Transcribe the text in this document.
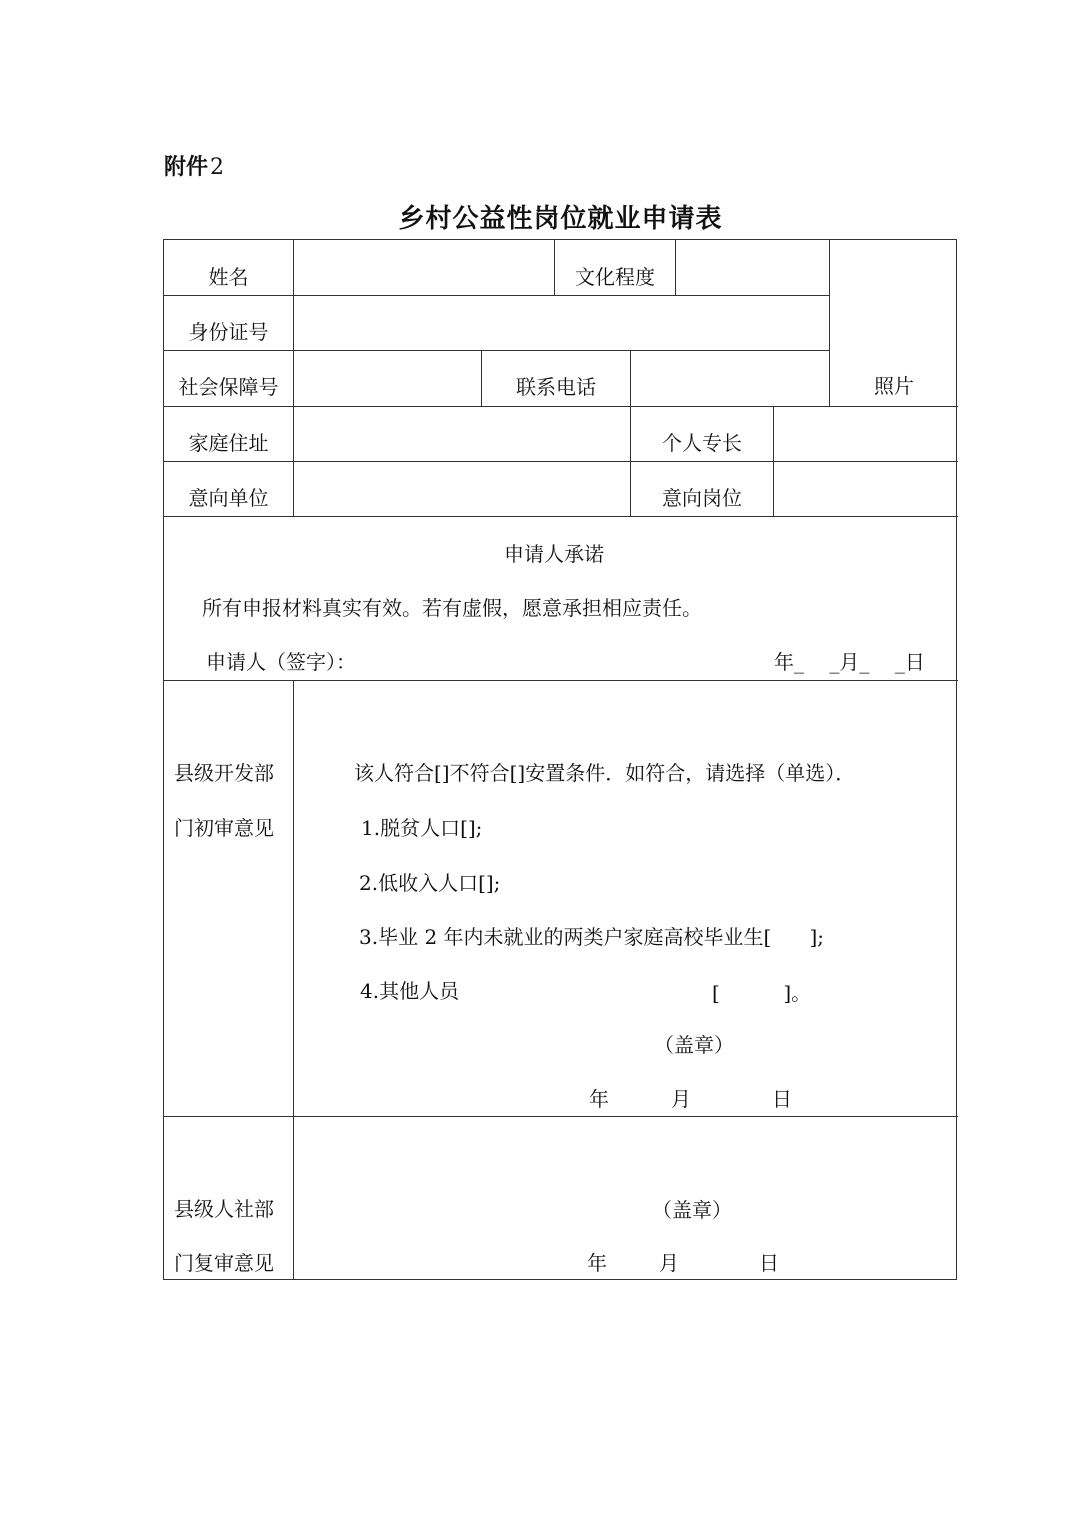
附件2
乡村公益性岗位就业申请表
姓名	文化程度
照片
身份证号
社会保障号	联系电话
家庭住址	个人专长
意向单位	意向岗位
申请人承诺
所有申报材料真实有效。若有虚假，愿意承担相应责任。
申请人（签字）：	年_    _月_    _日
县级开发部
门初审意见
该人符合[]不符合[]安置条件．如符合，请选择（单选）．
1.脱贫人口[];
2.低收入人口[];
3.毕业 2 年内未就业的两类户家庭高校毕业生[      ];
4.其他人员	[          ]。
（盖章）
年	月	日
县级人社部
门复审意见
（盖章）
年	月	日
